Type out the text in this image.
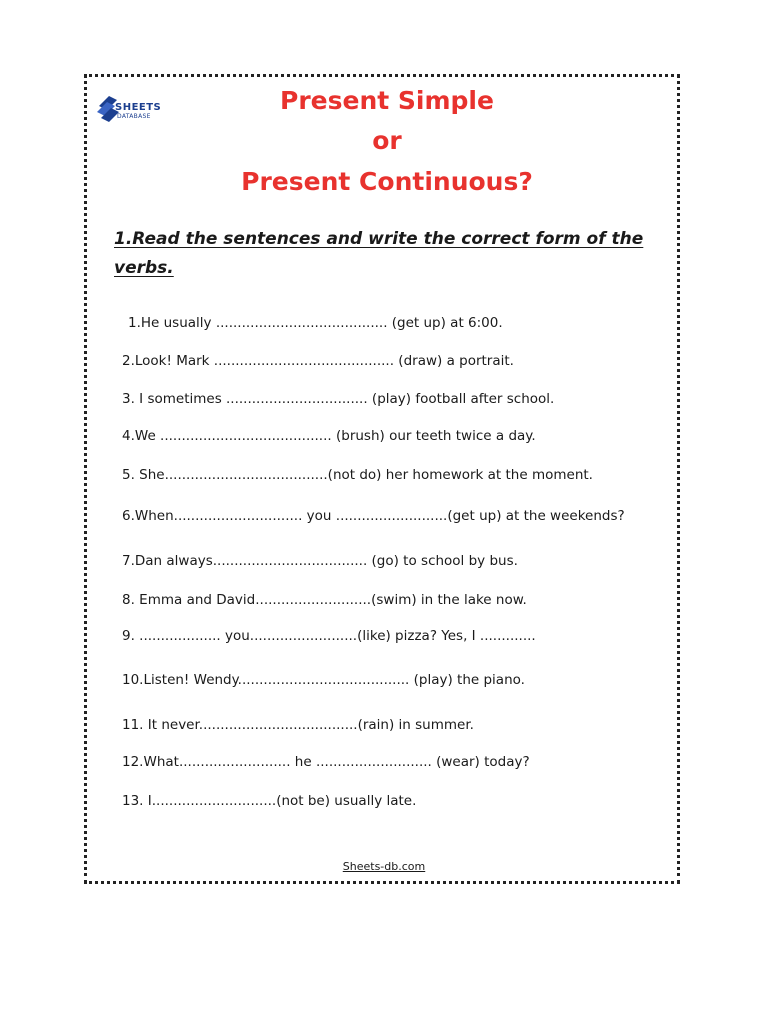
SHEETS
DATABASE
Present Simple
or
Present Continuous?
1.Read the sentences and write the correct form of the verbs.
1.He usually ........................................ (get up) at 6:00.
2.Look! Mark .......................................... (draw) a portrait.
3. I sometimes ................................. (play) football after school.
4.We ........................................ (brush) our teeth twice a day.
5. She......................................(not do) her homework at the moment.
6.When.............................. you ..........................(get up) at the weekends?
7.Dan always.................................... (go) to school by bus.
8. Emma and David...........................(swim) in the lake now.
9. ................... you.........................(like) pizza? Yes, I .............
10.Listen! Wendy........................................ (play) the piano.
11. It never.....................................(rain) in summer.
12.What.......................... he ........................... (wear) today?
13. I.............................(not be) usually late.
Sheets-db.com
